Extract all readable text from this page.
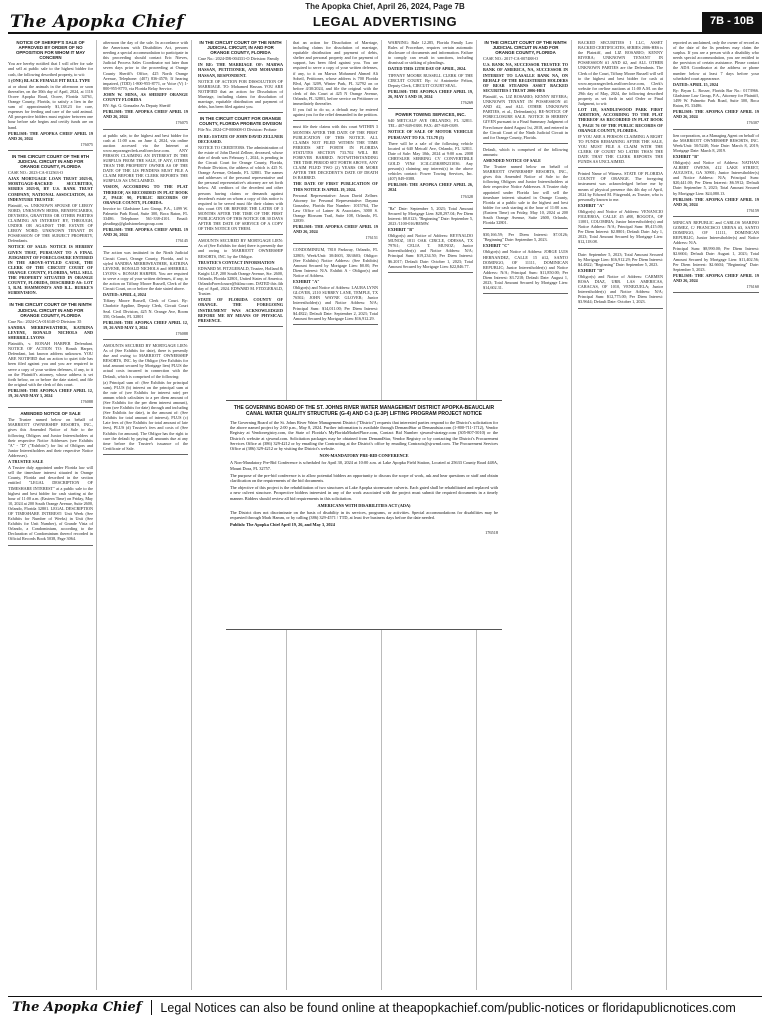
The Apopka Chief, April 26, 2024, Page 7B
The Apopka Chief	LEGAL ADVERTISING	7B - 10B
NOTICE OF SHERIFF'S SALE OF APPROVED BY ORDER OF NO OPPOSITION FOR WHOM IT MAY CONCERN

You are hereby notified that I will offer for sale and sell at public sale to the highest bidder for cash, the following described property, to wit:

1 (ONE) BLACK FEMALE PIT BULL TYPE

at or about the animals in the afternoon or soon thereafter, on the 30th day of April, 2024, at 1116 Ocoee Apopka Road, Ocoee, Florida 34761, Orange County, Florida, to satisfy a lien in the sum of approximately $1,138.23 for care, expenses for feeding and care of the said animal. All prospective bidders must register between one hour before sale begins and certify funds are on hand.

PUBLISH: THE APOPKA CHIEF APRIL 19 AND 26, 2024

176075

IN THE CIRCUIT COURT OF THE 9TH JUDICIAL CIRCUIT IN AND FOR ORANGE COUNTY, FLORIDA

CASE NO.: 2023-CA-012563-O

AJAX MORTGAGE LOAN TRUST 2023-B, MORTGAGE-BACKED SECURITIES, SERIES 2023-B, BY U.S. BANK TRUST COMPANY, NATIONAL ASSOCIATION, AS INDENTURE TRUSTEE

Plaintiff, vs. UNKNOWN SPOUSE OF LEROY NORD; UNKNOWN HEIRS, BENEFICIARIES, DEVISEES, GRANTEES OR OTHER PARTIES CLAIMING AN INTEREST BY, THROUGH, UNDER OR AGAINST THE ESTATE OF LEROY NORD; UNKNOWN TENANT IN POSSESSION OF THE SUBJECT PROPERTY, Defendants.

NOTICE OF SALE: NOTICE IS HEREBY GIVEN THAT, PURSUANT TO A FINAL JUDGMENT OF FORECLOSURE ENTERED IN THE ABOVE-STYLED CAUSE, THE CLERK OF THE CIRCUIT COURT OF ORANGE COUNTY, FLORIDA, WILL SELL THE PROPERTY SITUATED IN ORANGE COUNTY, FLORIDA, DESCRIBED AS: LOT 3, R.M. HAMMOND'S AND R.L. BURKE'S SUBDIVISION.

IN THE CIRCUIT COURT OF THE NINTH JUDICIAL CIRCUIT IN AND FOR ORANGE COUNTY, FLORIDA

Case No.: 2024-CA-016140-O Division: 35

SANDRA MERRIWEATHER, KATRINA LEVENE, RONALD NICHOLS AND SHERRILL LYONS

Plaintiffs, v. RONAH HARPER Defendant. NOTICE OF ACTION TO: Ronah Harper, Defendant, last known address unknown. YOU ARE NOTIFIED that an action to quiet title has been filed against you and you are required to serve a copy of your written defenses, if any, to it on the Plaintiff's attorney, whose address is set forth below, on or before the date stated, and file the original with the clerk of this court.

PUBLISH: THE APOPKA CHIEF APRIL 12, 19, 26 AND MAY 3, 2024

176088

AMENDED NOTICE OF SALE

The Trustee named below on behalf of MARRIOTT OWNERSHIP RESORTS, INC., gives this Amended Notice of Sale to the following Obligors and Junior Interestholders at their respective Notice Addresses (see Exhibits "A" - "D" ("Exhibits") for list of Obligors and Junior Interestholders and their respective Notice Addresses).

A TRUSTEE SALE

A Trustee duly appointed under Florida law will sell the timeshare interest situated in Orange County, Florida and described in the section entitled "LEGAL DESCRIPTION OF TIMESHARE INTEREST" at a public sale to the highest and best bidder for cash starting at the hour of 11:00 a.m. (Eastern Time) on Friday, May 10, 2024 at 200 South Orange Avenue, Suite 2600, Orlando, Florida 32801. LEGAL DESCRIPTION OF TIMESHARE INTEREST: Unit Week (See Exhibits for Number of Weeks) in Unit (See Exhibits for Unit Number), of Grande Vista of Orlando, a Condominium, according to the Declaration of Condominium thereof recorded in Official Records Book 5038, Page 3064.

afternoon the day of the sale. In accordance with the Americans with Disabilities Act, persons needing a special accommodation to participate in this proceeding should contact Eric Nieves, Judicial Process Sales Coordinator not later than seven days prior to the proceeding at Orange County Sheriff's Office, 425 North Orange Avenue, Telephone: (407) 836-4570; If hearing impaired, (TDD) 1-800-955-8771, or Voice (V) 1-800-955-8770, via Florida Relay Service.

JOHN W. MINA, AS SHERIFF ORANGE COUNTY FLORIDA

BY: Sgt. G. Gonzalez As Deputy Sheriff

PUBLISH: THE APOPKA CHIEF APRIL 19 AND 26, 2024

176075

at public sale, to the highest and best bidder for cash at 11:00 a.m. on June 4, 2024, via online auction accessed via the Internet at www.myorangeclerk.realforeclose.com. ANY PERSON CLAIMING AN INTEREST IN THE SURPLUS FROM THE SALE, IF ANY, OTHER THAN THE PROPERTY OWNER AS OF THE DATE OF THE LIS PENDENS MUST FILE A CLAIM BEFORE THE CLERK REPORTS THE SURPLUS AS UNCLAIMED.

VISION, ACCORDING TO THE PLAT THEREOF, AS RECORDED IN PLAT BOOK Z, PAGE 90, PUBLIC RECORDS OF ORANGE COUNTY, FLORIDA.

Invoice to: Gladstone Law Group, P.A., 1499 W. Palmetto Park Road, Suite 300, Boca Raton, FL 33486. Telephone: 561-338-4101. Email: pleadings@gladstonelawgroup.com

PUBLISH: THE APOPKA CHIEF APRIL 19 AND 26, 2024

176145

The action was instituted in the Ninth Judicial Circuit Court, Orange County, Florida, and is styled SANDRA MERRIWEATHER, KATRINA LEVENE, RONALD NICHOLS and SHERRILL LYONS v. RONAH HARPER. You are required to serve a copy of your written defenses, if any, to the action on Tiffany Moore Russell, Clerk of the Circuit Court, on or before the date stated above.

DATED: APRIL 4, 2024

Tiffany Moore Russell, Clerk of Court. By: Charlotte Appline, Deputy Clerk, Circuit Court Seal. Civil Division, 425 N. Orange Ave, Room 350, Orlando, FL 32801

PUBLISH: THE APOPKA CHIEF APRIL 12, 19, 26 AND MAY 3, 2024

176088

AMOUNTS SECURED BY MORTGAGE LIEN: As of (See Exhibits for date), there is presently due and owing to MARRIOTT OWNERSHIP RESORTS, INC. by the Obligor (See Exhibits for total amount secured by Mortgage lien) PLUS the actual costs incurred in connection with the Default, which is comprised of the following:

(a) Principal sum of: (See Exhibits for principal sum), PLUS (b) interest on the principal sum at the rate of (see Exhibits for interest rate) per annum which calculates to a per diem amount of (See Exhibits for the per diem interest amount), from (see Exhibits for date) through and including (See Exhibits for date), in the amount of: (See Exhibits for total amount of interest), PLUS (c) Late fees of (See Exhibits for total amount of late fees), PLUS (d) Trustee's fees and costs of (See Exhibits for amount). The Obligor has the right to cure the default by paying all amounts due at any time before the Trustee's issuance of the Certificate of Sale.

IN THE CIRCUIT COURT OF THE NINTH JUDICIAL CIRCUIT, IN AND FOR ORANGE COUNTY, FLORIDA

Case No.: 2024-DR-004331-O Division: Family

IN RE: THE MARRIAGE OF: MARWA HASSAN, PETITIONER, AND MOHAMED HASSAN, RESPONDENT.

NOTICE OF ACTION FOR DISSOLUTION OF MARRIAGE. TO: Mohamed Hassan. YOU ARE NOTIFIED that an action for Dissolution of Marriage, including claims for dissolution of marriage, equitable distribution and payment of debts, has been filed against you.

IN THE CIRCUIT COURT FOR ORANGE COUNTY, FLORIDA PROBATE DIVISION

File No. 2024-CP-000608-O Division: Probate

IN RE: ESTATE OF JOHN DAVID ZELLNER DECEASED.

NOTICE TO CREDITORS. The administration of the estate of John David Zellner, deceased, whose date of death was February 1, 2024, is pending in the Circuit Court for Orange County, Florida, Probate Division, the address of which is 425 N. Orange Avenue, Orlando, FL 32801. The names and addresses of the personal representative and the personal representative's attorney are set forth below. All creditors of the decedent and other persons having claims or demands against decedent's estate on whom a copy of this notice is required to be served must file their claims with this court ON OR BEFORE THE LATER OF 3 MONTHS AFTER THE TIME OF THE FIRST PUBLICATION OF THIS NOTICE OR 30 DAYS AFTER THE DATE OF SERVICE OF A COPY OF THIS NOTICE ON THEM.

AMOUNTS SECURED BY MORTGAGE LIEN: As of (See Exhibits for date) there is presently due and owing to MARRIOTT OWNERSHIP RESORTS, INC. by the Obligor.

TRUSTEE'S CONTACT INFORMATION

EDWARD M. FITZGERALD, Trustee, Holland & Knight LLP, 200 South Orange Avenue, Ste. 2600, Orlando, Florida 32801, United States of America. OrlandoForeclosure@hklaw.com. DATED this 4th day of April, 2024. EDWARD M. FITZGERALD, Trustee.

STATE OF FLORIDA COUNTY OF ORANGE. THE FOREGOING INSTRUMENT WAS ACKNOWLEDGED BEFORE ME BY MEANS OF PHYSICAL PRESENCE.

that an action for Dissolution of Marriage, including claims for dissolution of marriage, equitable distribution and payment of debts, shelter and personal property and for payment of support, has been filed against you. You are required to serve a copy of your written defenses, if any, to it on Marwa Mohamed Ahmed Ali Soheil, Petitioner, whose address is 700 Florida Blvd, Apt 3209, Winter Park, FL 32792 on or before 4/30/2024, and file the original with the clerk of this Court at 425 N Orange Avenue, Orlando, FL 32801, before service on Petitioner or immediately thereafter.

If you fail to do so, a default may be entered against you for the relief demanded in the petition.

must file their claims with this court WITHIN 3 MONTHS AFTER THE DATE OF THE FIRST PUBLICATION OF THIS NOTICE. ALL CLAIMS NOT FILED WITHIN THE TIME PERIODS SET FORTH IN FLORIDA STATUTES SECTION 733.702 WILL BE FOREVER BARRED. NOTWITHSTANDING THE TIME PERIOD SET FORTH ABOVE, ANY CLAIM FILED TWO (2) YEARS OR MORE AFTER THE DECEDENT'S DATE OF DEATH IS BARRED.

THE DATE OF FIRST PUBLICATION OF THIS NOTICE IS APRIL 19, 2024.

Personal Representative: Jason David Zellner. Attorney for Personal Representative: Dayana Gonzalez, Florida Bar Number: 1015764, The Law Office of Lainer & Associates, 3000 S. Orange Blossom Trail, Suite 108, Orlando, FL 32839.

PUBLISH: THE APOPKA CHIEF APRIL 19 AND 26, 2024

176151

CONDOMINIUM, 7810 Parkway, Orlando, FL 32803; Week/Unit: 30/4603, 38/4603; Obligor: (See Exhibits) Notice Address: (See Exhibits) Amount Secured by Mortgage Lien: $0.00, Per Diem Interest: N/A. Exhibit A - Obligor(s) and Notice of Address.

EXHIBIT "A"

Obligor(s) and Notice of Address: LAURA LYNN GLOVER, 2110 SURREY LANE, TEMPLE, TX 76502; JOHN WAYNE GLOVER; Junior Interestholder(s) and Notice Address: N/A; Principal Sum: $14,011.00; Per Diem Interest: $4.4822; Default Date: September 2, 2023; Total Amount Secured by Mortgage Lien: $16,912.29.

WARNING: Rule 12.285, Florida Family Law Rules of Procedure, requires certain automatic disclosure of documents and information. Failure to comply can result in sanctions, including dismissal or striking of pleadings.

DATED THIS 12TH DAY OF APRIL, 2024.

TIFFANY MOORE RUSSELL CLERK OF THE CIRCUIT COURT. By: /s/ Antoinette Felton, Deputy Clerk, CIRCUIT COURT SEAL.

PUBLISH: THE APOPKA CHIEF APRIL 19, 26, MAY 3 AND 10, 2024

176269

POWER TOWING SERVICES, INC.

640 METCALF AVE ORLANDO, FL 32811. TEL: 407-849-0388. FAX: 407-849-0389.

NOTICE OF SALE OF MOTOR VEHICLE PURSUANT TO F.S. 713.78 (5)

There will be a sale of the following vehicle located at 640 Metcalf Ave, Orlando, FL 32811. Date of Sale: May 10th, 2024 at 9:00 a.m. 2008 CHRYSLER SEBRING CV CONVERTIBLE GOLD VIN# 1C3LC45K88N231036. Any person(s) claiming any interest(s) in the above vehicles contact: Power Towing Services, Inc. (407) 849-0388.

PUBLISH: THE APOPKA CHIEF APRIL 26, 2024

176328

"Ra" Date: September 5, 2023; Total Amount Secured by Mortgage Lien: $28,297.04; Per Diem Interest: $8.0123; "Beginning" Date: September 5, 2023 /1100-016/BEMW.

EXHIBIT "B"

Obligor(s) and Notice of Address: REYNALDO MUNOZ, 1811 OAK CIRCLE, ODESSA, TX 79761; CELIA T. MUNOZ; Junior Interestholder(s) and Notice Address: N/A; Principal Sum: $19,234.50; Per Diem Interest: $6.2017; Default Date: October 1, 2023; Total Amount Secured by Mortgage Lien: $22,846.77.

IN THE CIRCUIT COURT OF THE NINTH JUDICIAL CIRCUIT IN AND FOR ORANGE COUNTY, FLORIDA

CASE NO.: 2017-CA-007488-O

U.S. BANK NA, SUCCESSOR TRUSTEE TO BANK OF AMERICA, NA, SUCCESSOR IN INTEREST TO LASALLE BANK NA, ON BEHALF OF THE REGISTERED HOLDERS OF BEAR STEARNS ASSET BACKED SECURITIES I TRUST 2006-HE6

Plaintiff, vs. LIZ ROSARIO; KENNY RIVERA; UNKNOWN TENANT IN POSSESSION #1 AND #2, and ALL OTHER UNKNOWN PARTIES, et al., Defendant(s). RE-NOTICE OF FORECLOSURE SALE. NOTICE IS HEREBY GIVEN pursuant to a Final Summary Judgment of Foreclosure dated August 1st, 2018, and entered in the Circuit Court of the Ninth Judicial Circuit in and for Orange County, Florida.

Default, which is comprised of the following amounts:

AMENDED NOTICE OF SALE

The Trustee named below on behalf of MARRIOTT OWNERSHIP RESORTS, INC., gives this Amended Notice of Sale to the following Obligors and Junior Interestholders at their respective Notice Addresses. A Trustee duly appointed under Florida law will sell the timeshare interest situated in Orange County, Florida at a public sale to the highest and best bidder for cash starting at the hour of 11:00 a.m. (Eastern Time) on Friday, May 10, 2024 at 200 South Orange Avenue, Suite 2600, Orlando, Florida 32801.

$30,166.59; Per Diem Interest: $7.0126; "Beginning" Date: September 5, 2023.

EXHIBIT "C"

Obligor(s) and Notice of Address: JORGE LUIS HERNANDEZ, CALLE 15 #12, SANTO DOMINGO, OF 11111, DOMINICAN REPUBLIC; Junior Interestholder(s) and Notice Address: N/A; Principal Sum: $11,850.00; Per Diem Interest: $3.7218; Default Date: August 1, 2023; Total Amount Secured by Mortgage Lien: $14,602.31.

BACKED SECURITIES I LLC, ASSET BACKED CERTIFICATES, SERIES 2006-HE6 is the Plaintiff, and LIZ ROSARIO; KENNY RIVERA; UNKNOWN TENANT IN POSSESSION #1 AND #2, and ALL OTHER UNKNOWN PARTIES are the Defendants. The Clerk of the Court, Tiffany Moore Russell will sell to the highest and best bidder for cash at www.myorangeclerk.realforeclose.com, Clerk's website for on-line auctions at 11:00 A.M. on the 29th day of May, 2024, the following described property as set forth in said Order or Final Judgment, to wit:

LOT 118, SANDLEWOOD PARK FIRST ADDITION, ACCORDING TO THE PLAT THEREOF AS RECORDED IN PLAT BOOK 5, PAGE 76 OF THE PUBLIC RECORDS OF ORANGE COUNTY, FLORIDA.

IF YOU ARE A PERSON CLAIMING A RIGHT TO FUNDS REMAINING AFTER THE SALE, YOU MUST FILE A CLAIM WITH THE CLERK OF COURT NO LATER THAN THE DATE THAT THE CLERK REPORTS THE FUNDS AS UNCLAIMED.

Printed Name of Witness. STATE OF FLORIDA COUNTY OF ORANGE. The foregoing instrument was acknowledged before me by means of physical presence this 4th day of April, 2024 by Edward M. Fitzgerald, as Trustee, who is personally known to me.

EXHIBIT "A"

Obligor(s) and Notice of Address: VENANCIO FIGUEROA, CALLE 45 #88, BOGOTA, OF 11001, COLOMBIA; Junior Interestholder(s) and Notice Address: N/A; Principal Sum: $9,415.00; Per Diem Interest: $2.8801; Default Date: July 1, 2023; Total Amount Secured by Mortgage Lien: $12,118.08.

Date: September 5, 2023; Total Amount Secured by Mortgage Lien: $16,912.29; Per Diem Interest: $4.4822; "Beginning" Date: September 5, 2023.

EXHIBIT "D"

Obligor(s) and Notice of Address: CARMEN ROSA DIAZ, URB. LAS AMERICAS, CARACAS, OF 1010, VENEZUELA; Junior Interestholder(s) and Notice Address: N/A; Principal Sum: $12,775.00; Per Diem Interest: $3.9644; Default Date: October 1, 2023.

reported as unclaimed, only the owner of record as of the date of the lis pendens may claim the surplus. If you are a person with a disability who needs special accommodation, you are entitled to the provision of certain assistance. Please contact the ADA Coordinator at the address or phone number below at least 7 days before your scheduled court appearance.

DATED: APRIL 15, 2024

By: Bryan L. Rosser, Florida Bar No.: 0173966. Gladstone Law Group, P.A., Attorney for Plaintiff, 1499 W. Palmetto Park Road, Suite 300, Boca Raton, FL 33486.

PUBLISH: THE APOPKA CHIEF APRIL 19 AND 26, 2024

176307

lien corporation, as a Managing Agent on behalf of the MARRIOTT OWNERSHIP RESORTS, INC. Week/Unit: 50/5248; Note Date: March 8, 2019; Mortgage Date: March 8, 2019.

EXHIBIT "B"

Obligor(s) and Notice of Address: NATHAN ALBERT OWENS, 412 LAKE STREET, AUGUSTA, GA 30901; Junior Interestholder(s) and Notice Address: N/A; Principal Sum: $20,441.00; Per Diem Interest: $6.5912; Default Date: September 5, 2023; Total Amount Secured by Mortgage Lien: $24,080.13.

PUBLISH: THE APOPKA CHIEF APRIL 19 AND 26, 2024

176159

MINICAN REPUBLIC and CARLOS MARINO GOMEZ, C/ FRANCISCO URENA #3, SANTO DOMINGO, OF 11111, DOMINICAN REPUBLIC; Junior Interestholder(s) and Notice Address: N/A.

Principal Sum: $8,990.00; Per Diem Interest: $2.6604; Default Date: August 1, 2023; Total Amount Secured by Mortgage Lien: $11,402.56; Per Diem Interest: $2.6604; "Beginning" Date: September 5, 2023.

PUBLISH: THE APOPKA CHIEF APRIL 19 AND 26, 2024

176160

THE GOVERNING BOARD OF THE ST. JOHNS RIVER WATER MANAGEMENT DISTRICT APOPKA-BEAUCLAIR CANAL WATER QUALITY STRUCTURE (G-4) AND C-3 (E-3P) LIFTING PROGRAM PROJECT NOTICE

The Governing Board of the St. Johns River Water Management District ("District") requests that interested parties respond to the District's solicitation for the above named project by 2:00 p.m., May 8, 2024. Further information is available through DemandStar at Demandstar.com (1-800-711-1712), Vendor Registry at Vendorregistry.com, the State of Florida's MyFloridaMarketPlace.com, Contact Bid Number sjrwmd-strategy.com (305-807-5010) or the District's website at sjrwmd.com. Solicitation packages may be obtained from DemandStar, Vendor Registry or by contacting the District's Procurement Services Office at (386) 329-4212 or by emailing the Contracting at the District's office by emailing Contracts@sjrwmd.com. The Procurement Services Office at (386) 329-4212 or by visiting the District's website.

NON-MANDATORY PRE-BID CONFERENCE

A Non-Mandatory Pre-Bid Conference is scheduled for April 30, 2024 at 10:00 a.m. at Lake Apopka Field Station, Located at 25633 County Road 448A, Mount Dora, FL 32757.

The purpose of the pre-bid conference is to allow potential bidders an opportunity to discuss the scope of work, ask and hear questions or staff and obtain clarification on the requirements of the bid documents.

The objective of this project is the rehabilitation of two structures at Lake Apopka stormwater culverts. Each gated shall be rehabilitated and replaced with a new culvert structure. Prospective bidders interested in any of the work associated with the project must submit the required documents in a timely manner. Bidders should review all bid requirements in this solicitation.

AMERICANS WITH DISABILITIES ACT (ADA)

The District does not discriminate on the basis of disability in its services, programs, or activities. Special accommodations for disabilities may be requested through Mark Hamm, or by calling (386) 329-4571 / TTD, at least five business days before the date needed.

Publish: The Apopka Chief April 19, 26, and May 3, 2024

176518

The Apopka Chief	Legal Notices can also be found online at theapopkachief.com/public-notices or floridapublicnotices.com
